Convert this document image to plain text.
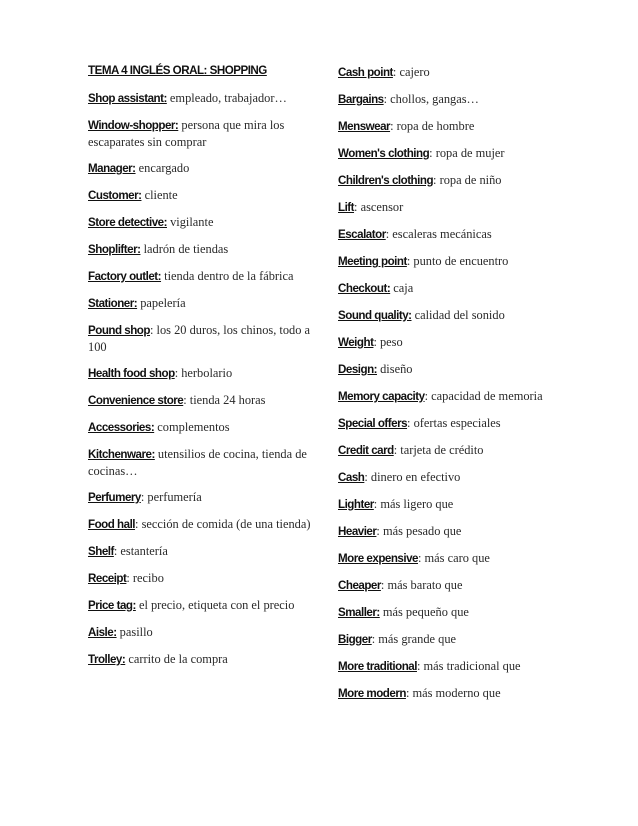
TEMA 4 INGLÉS ORAL: SHOPPING
Shop assistant: empleado, trabajador…
Window-shopper: persona que mira los escaparates sin comprar
Manager: encargado
Customer: cliente
Store detective: vigilante
Shoplifter: ladrón de tiendas
Factory outlet: tienda dentro de la fábrica
Stationer: papelería
Pound shop: los 20 duros, los chinos, todo a 100
Health food shop: herbolario
Convenience store: tienda 24 horas
Accessories: complementos
Kitchenware: utensilios de cocina, tienda de cocinas…
Perfumery: perfumería
Food hall: sección de comida (de una tienda)
Shelf: estantería
Receipt: recibo
Price tag: el precio, etiqueta con el precio
Aisle: pasillo
Trolley: carrito de la compra
Cash point: cajero
Bargains: chollos, gangas…
Menswear: ropa de hombre
Women's clothing: ropa de mujer
Children's clothing: ropa de niño
Lift: ascensor
Escalator: escaleras mecánicas
Meeting point: punto de encuentro
Checkout: caja
Sound quality: calidad del sonido
Weight: peso
Design: diseño
Memory capacity: capacidad de memoria
Special offers: ofertas especiales
Credit card: tarjeta de crédito
Cash: dinero en efectivo
Lighter: más ligero que
Heavier: más pesado que
More expensive: más caro que
Cheaper: más barato que
Smaller: más pequeño que
Bigger: más grande que
More traditional: más tradicional que
More modern: más moderno que
